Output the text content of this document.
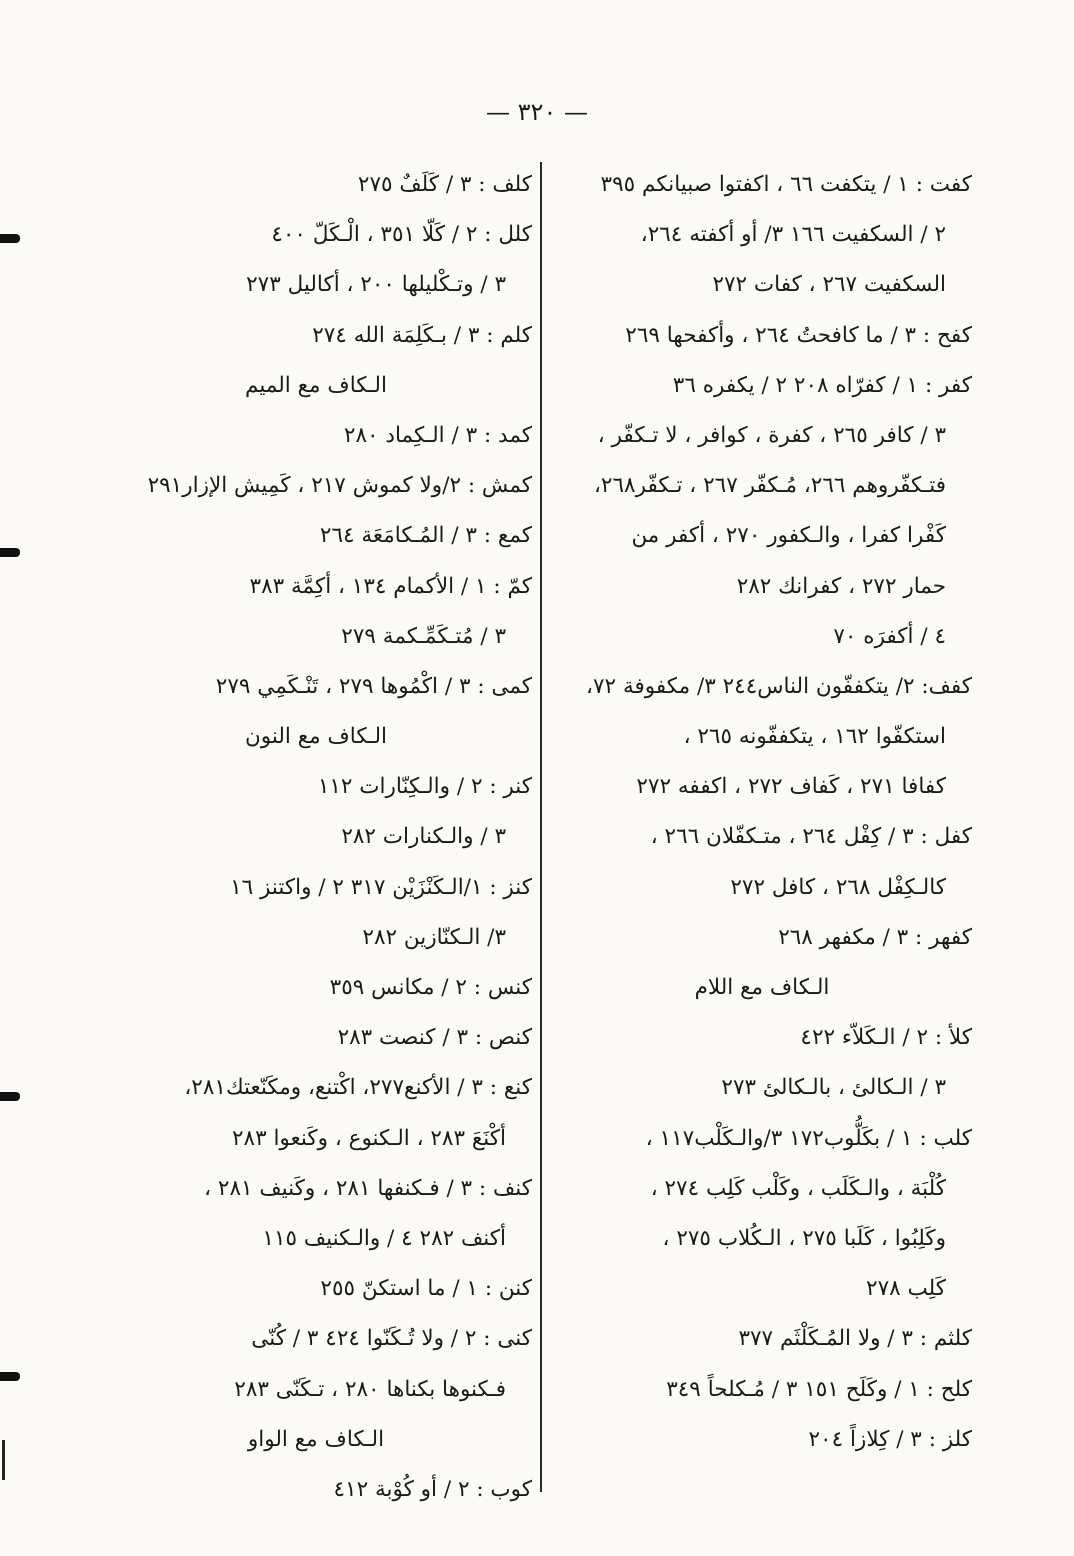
— ٣٢٠ —
كفت : ١ / يتكفت ٦٦ ، اكفتوا صبيانكم ٣٩٥
٢ / السكفيت ١٦٦ ٣/ أو أكفته ٢٦٤،
السكفيت ٢٦٧ ، كفات ٢٧٢
كفح : ٣ / ما كافحتُ ٢٦٤ ، وأكفحها ٢٦٩
كفر : ١ / كفرّاه ٢٠٨ ٢ / يكفره ٣٦
٣ / كافر ٢٦٥ ، كفرة ، كوافر ، لا تـكفّر ،
فتـكفّروهم ٢٦٦، مُـكفّر ٢٦٧ ، تـكفّر٢٦٨،
كَفْرا كفرا ، والـكفور ٢٧٠ ، أكفر من
حمار ٢٧٢ ، كفرانك ٢٨٢
٤ / أكفرَه ٧٠
كفف: ٢/ يتكففّون الناس٢٤٤ ٣/ مكفوفة ٧٢،
استكفّوا ١٦٢ ، يتكففّونه ٢٦٥ ،
كفافا ٢٧١ ، كَفاف ٢٧٢ ، اكففه ٢٧٢
كفل : ٣ / كِفْل ٢٦٤ ، متـكفّلان ٢٦٦ ،
كالـكِفْل ٢٦٨ ، كافل ٢٧٢
كفهر : ٣ / مكفهر ٢٦٨
الـكاف مع اللام
كلأ : ٢ / الـكَلاّء ٤٢٢
٣ / الـكالئ ، بالـكالئ ٢٧٣
كلب : ١ / بكَلُّوب١٧٢ ٣/والـكَلْب١١٧ ،
كُلْبَة ، والـكَلَب ، وكَلْب كَلِب ٢٧٤ ،
وكَلِبُوا ، كَلَبا ٢٧٥ ، الـكُلاب ٢٧٥ ،
كَلِب ٢٧٨
كلثم : ٣ / ولا المُـكَلْثَم ٣٧٧
كلح : ١ / وكَلَح ١٥١ ٣ / مُـكلحاً ٣٤٩
كلز : ٣ / كِلازاً ٢٠٤
كلف : ٣ / كَلَفٌ ٢٧٥
كلل : ٢ / كَلّا ٣٥١ ، الْـكَلّ ٤٠٠
٣ / وتـكْليلها ٢٠٠ ، أكاليل ٢٧٣
كلم : ٣ / بـكَلِمَة الله ٢٧٤
الـكاف مع الميم
كمد : ٣ / الـكِماد ٢٨٠
كمش : ٢/ولا كموش ٢١٧ ، كَمِيش الإزار٢٩١
كمع : ٣ / المُـكامَعَة ٢٦٤
كمّ : ١ / الأكمام ١٣٤ ، أكِمَّة ٣٨٣
٣ / مُتـكَمِّـكمة ٢٧٩
كمى : ٣ / اكْمُوها ٢٧٩ ، تَنْـكَمِي ٢٧٩
الـكاف مع النون
كنر : ٢ / والـكِنّارات ١١٢
٣ / والـكنارات ٢٨٢
كنز : ١/الـكَنْزَيْن ٣١٧ ٢ / واكتنز ١٦
٣/ الـكنّازين ٢٨٢
كنس : ٢ / مكانس ٣٥٩
كنص : ٣ / كنصت ٢٨٣
كنع : ٣ / الأكنع٢٧٧، اكْتنع، ومكَنّعتك٢٨١،
أكْنَعَ ٢٨٣ ، الـكنوع ، وكَنعوا ٢٨٣
كنف : ٣ / فـكنفها ٢٨١ ، وكَنيف ٢٨١ ،
أكنف ٢٨٢ ٤ / والـكنيف ١١٥
كنن : ١ / ما استكنّ ٢٥٥
كنى : ٢ / ولا تُـكَنّوا ٤٢٤ ٣ / كُنّى
فـكنوها بكناها ٢٨٠ ، تـكَنّى ٢٨٣
الـكاف مع الواو
كوب : ٢ / أو كُوْبة ٤١٢
